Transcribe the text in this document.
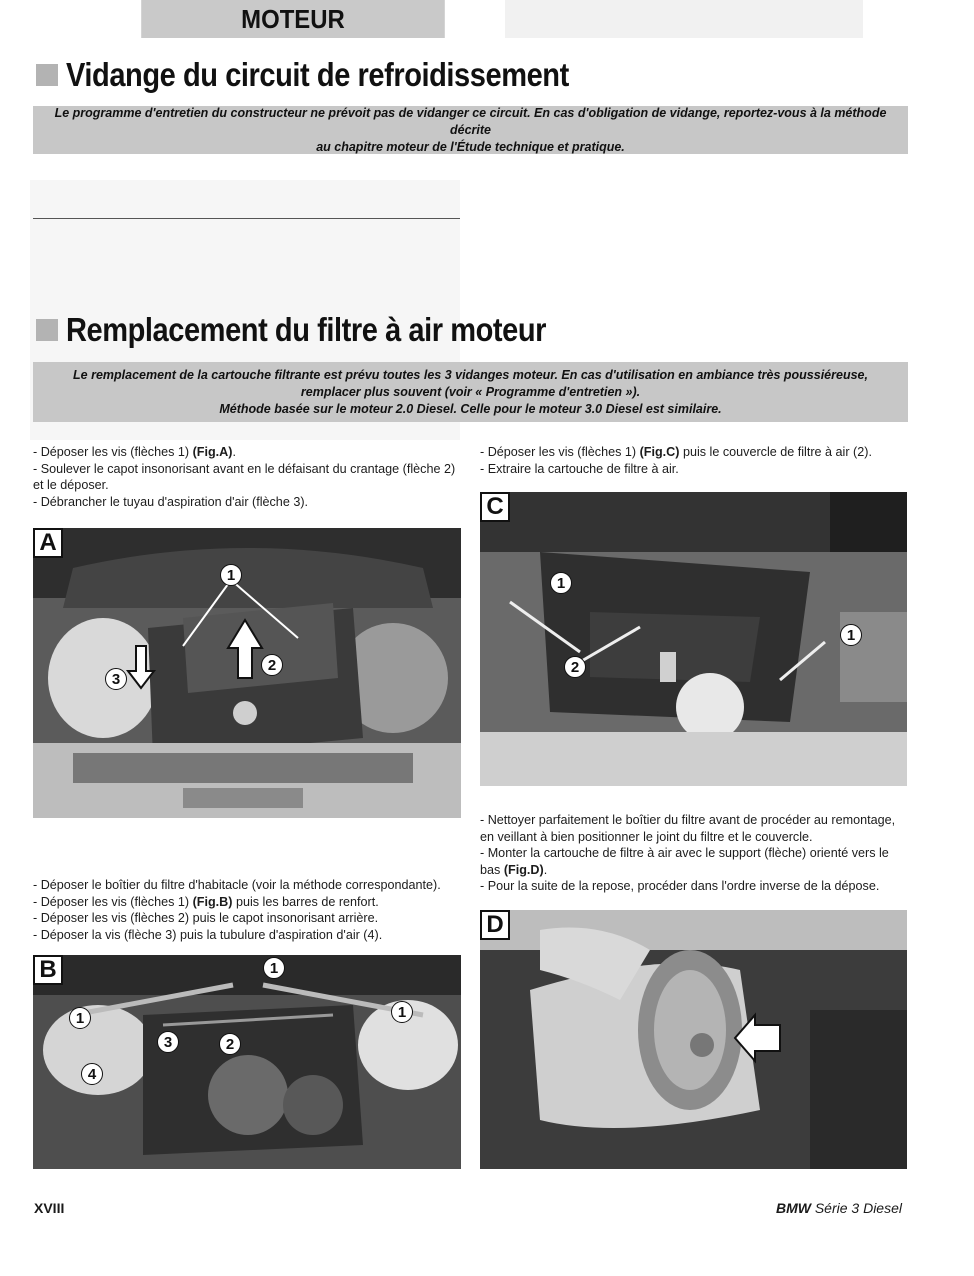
MOTEUR
Vidange du circuit de refroidissement
Le programme d'entretien du constructeur ne prévoit pas de vidanger ce circuit. En cas d'obligation de vidange, reportez-vous à la méthode décrite
au chapitre moteur de l'Étude technique et pratique.
Remplacement du filtre à air moteur
Le remplacement de la cartouche filtrante est prévu toutes les 3 vidanges moteur. En cas d'utilisation en ambiance très poussiéreuse,
remplacer plus souvent (voir « Programme d'entretien »).
Méthode basée sur le moteur 2.0 Diesel. Celle pour le moteur 3.0 Diesel est similaire.

- Déposer les vis (flèches 1) (Fig.A).

- Soulever le capot insonorisant avant en le défaisant du crantage (flèche 2) et le déposer.

- Débrancher le tuyau d'aspiration d'air (flèche 3).

- Déposer les vis (flèches 1) (Fig.C) puis le couvercle de filtre à air (2).

- Extraire la cartouche de filtre à air.

A
1
2
3
C
1
1
2

- Nettoyer parfaitement le boîtier du filtre avant de procéder au remontage, en veillant à bien positionner le joint du filtre et le couvercle.

- Monter la cartouche de filtre à air avec le support (flèche) orienté vers le bas (Fig.D).

- Pour la suite de la repose, procéder dans l'ordre inverse de la dépose.

- Déposer le boîtier du filtre d'habitacle (voir la méthode correspondante).

- Déposer les vis (flèches 1) (Fig.B) puis les barres de renfort.

- Déposer les vis (flèches 2) puis le capot insonorisant arrière.

- Déposer la vis (flèche 3) puis la tubulure d'aspiration d'air (4).

B
1
1
1
2
3
4
D
XVIII	BMW Série 3 Diesel
